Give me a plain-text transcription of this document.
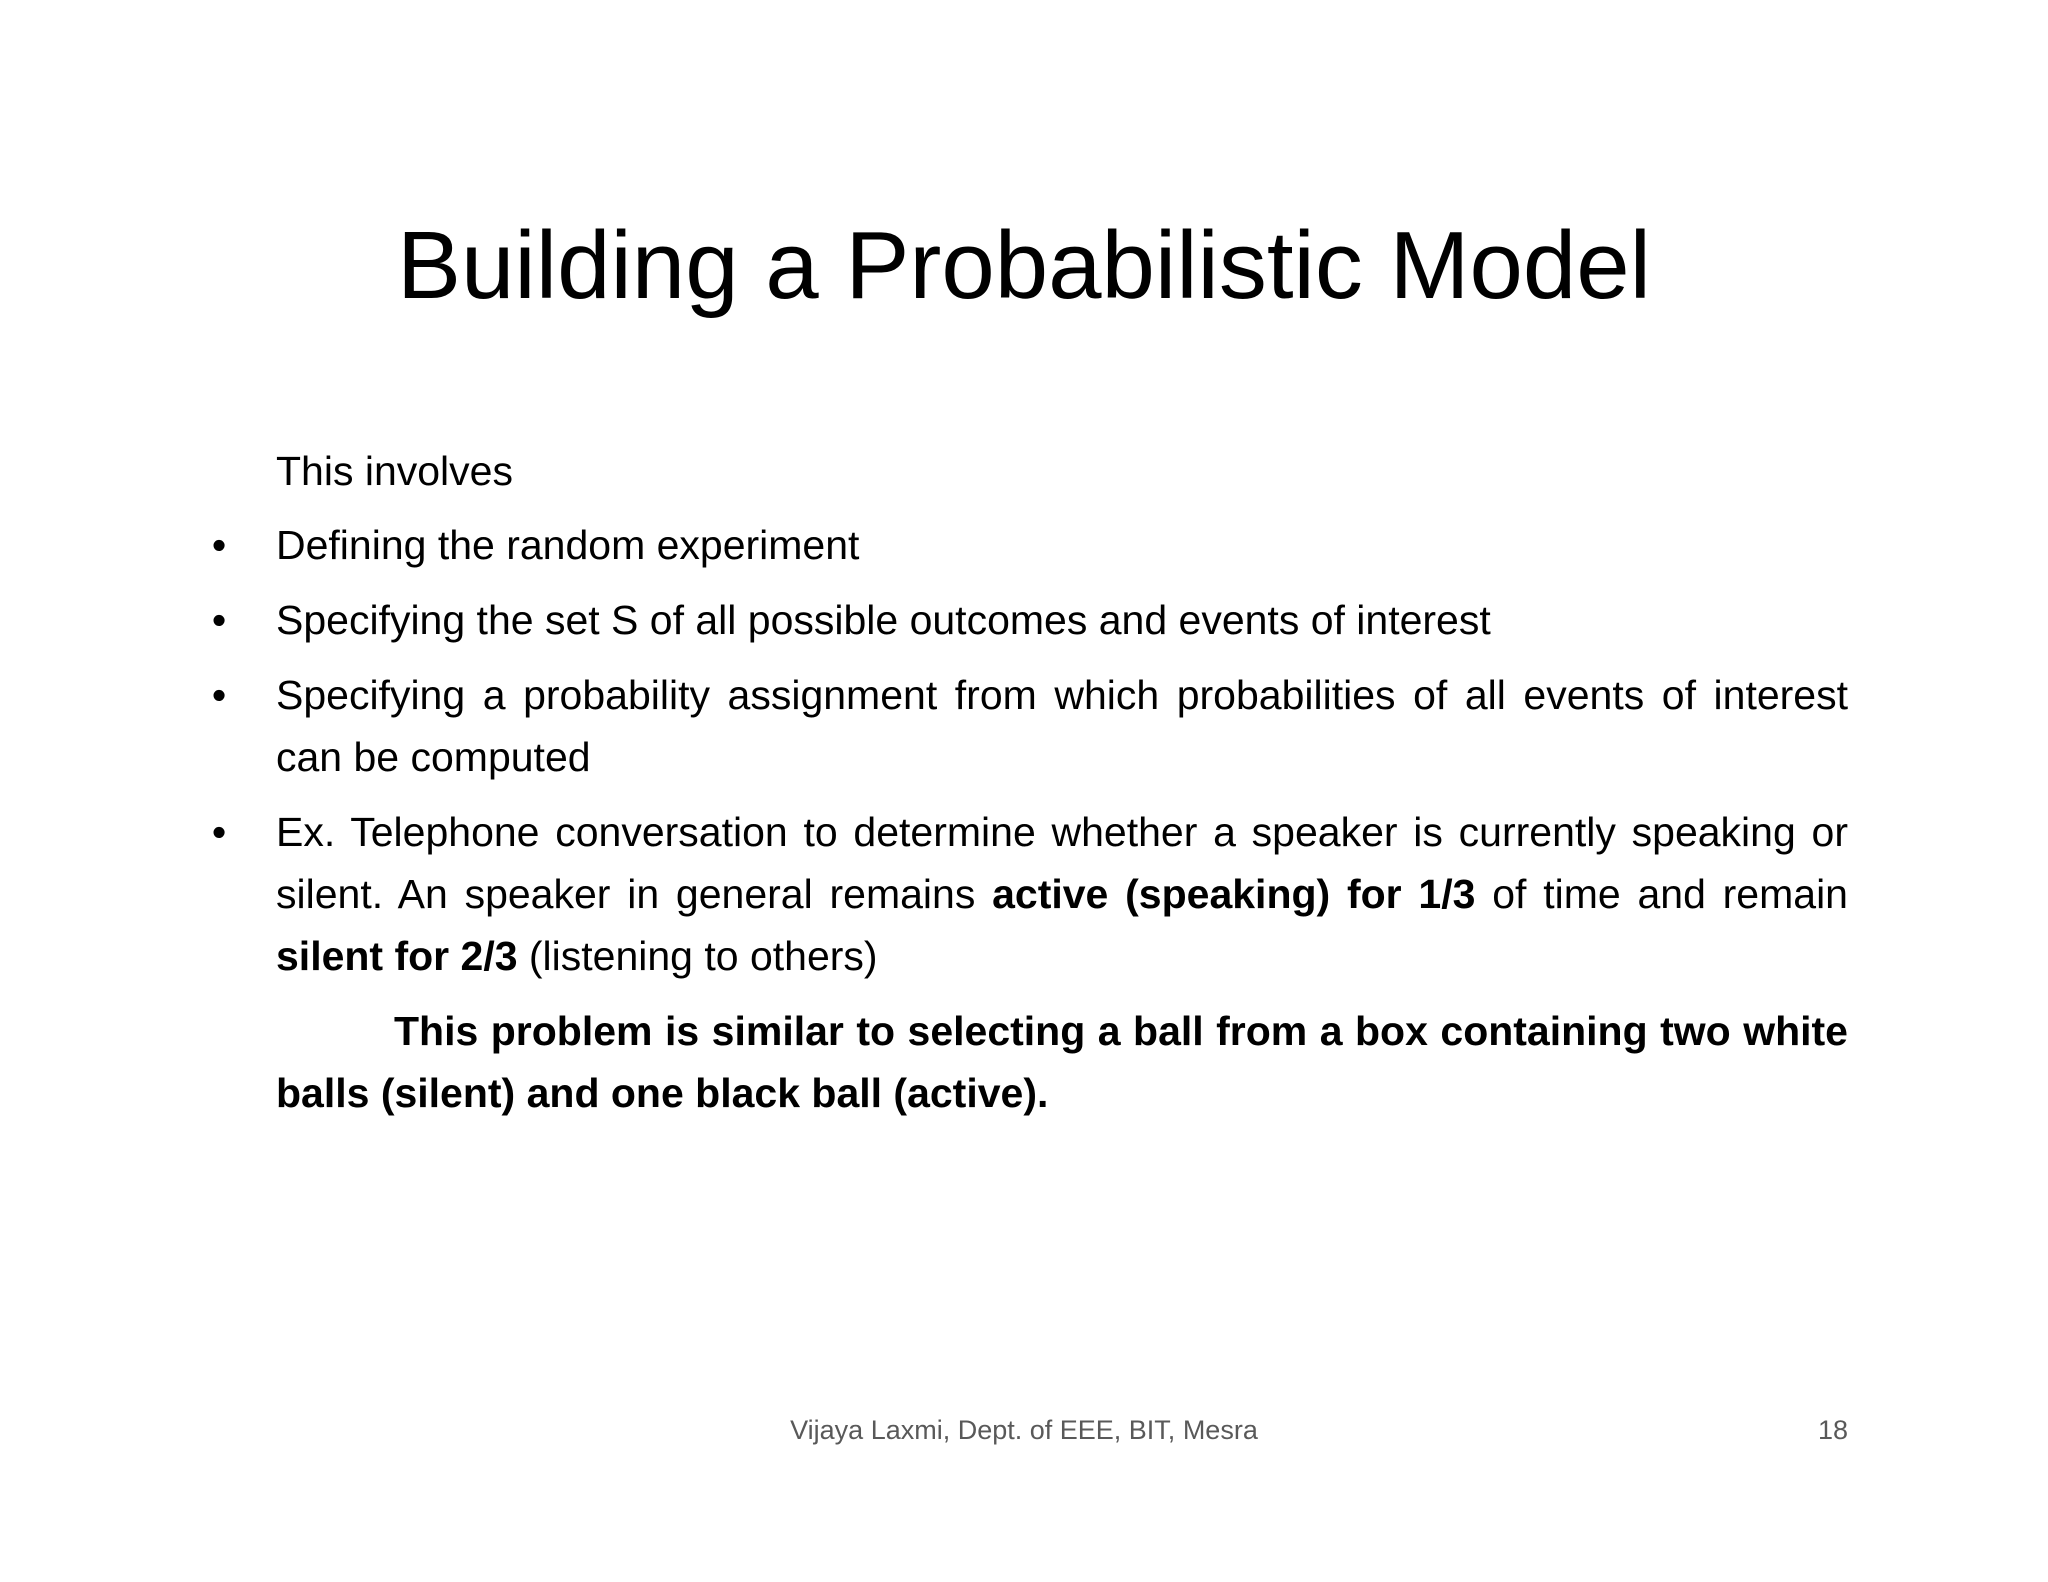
Building a Probabilistic Model

This involves

• Defining the random experiment
• Specifying the set S of all possible outcomes and events of interest
• Specifying a probability assignment from which probabilities of all events of interest can be computed
• Ex. Telephone conversation to determine whether a speaker is currently speaking or silent. An speaker in general remains active (speaking) for 1/3 of time and remain silent for 2/3 (listening to others)

This problem is similar to selecting a ball from a box containing two white balls (silent) and one black ball (active).

Vijaya Laxmi, Dept. of EEE, BIT, Mesra	18
